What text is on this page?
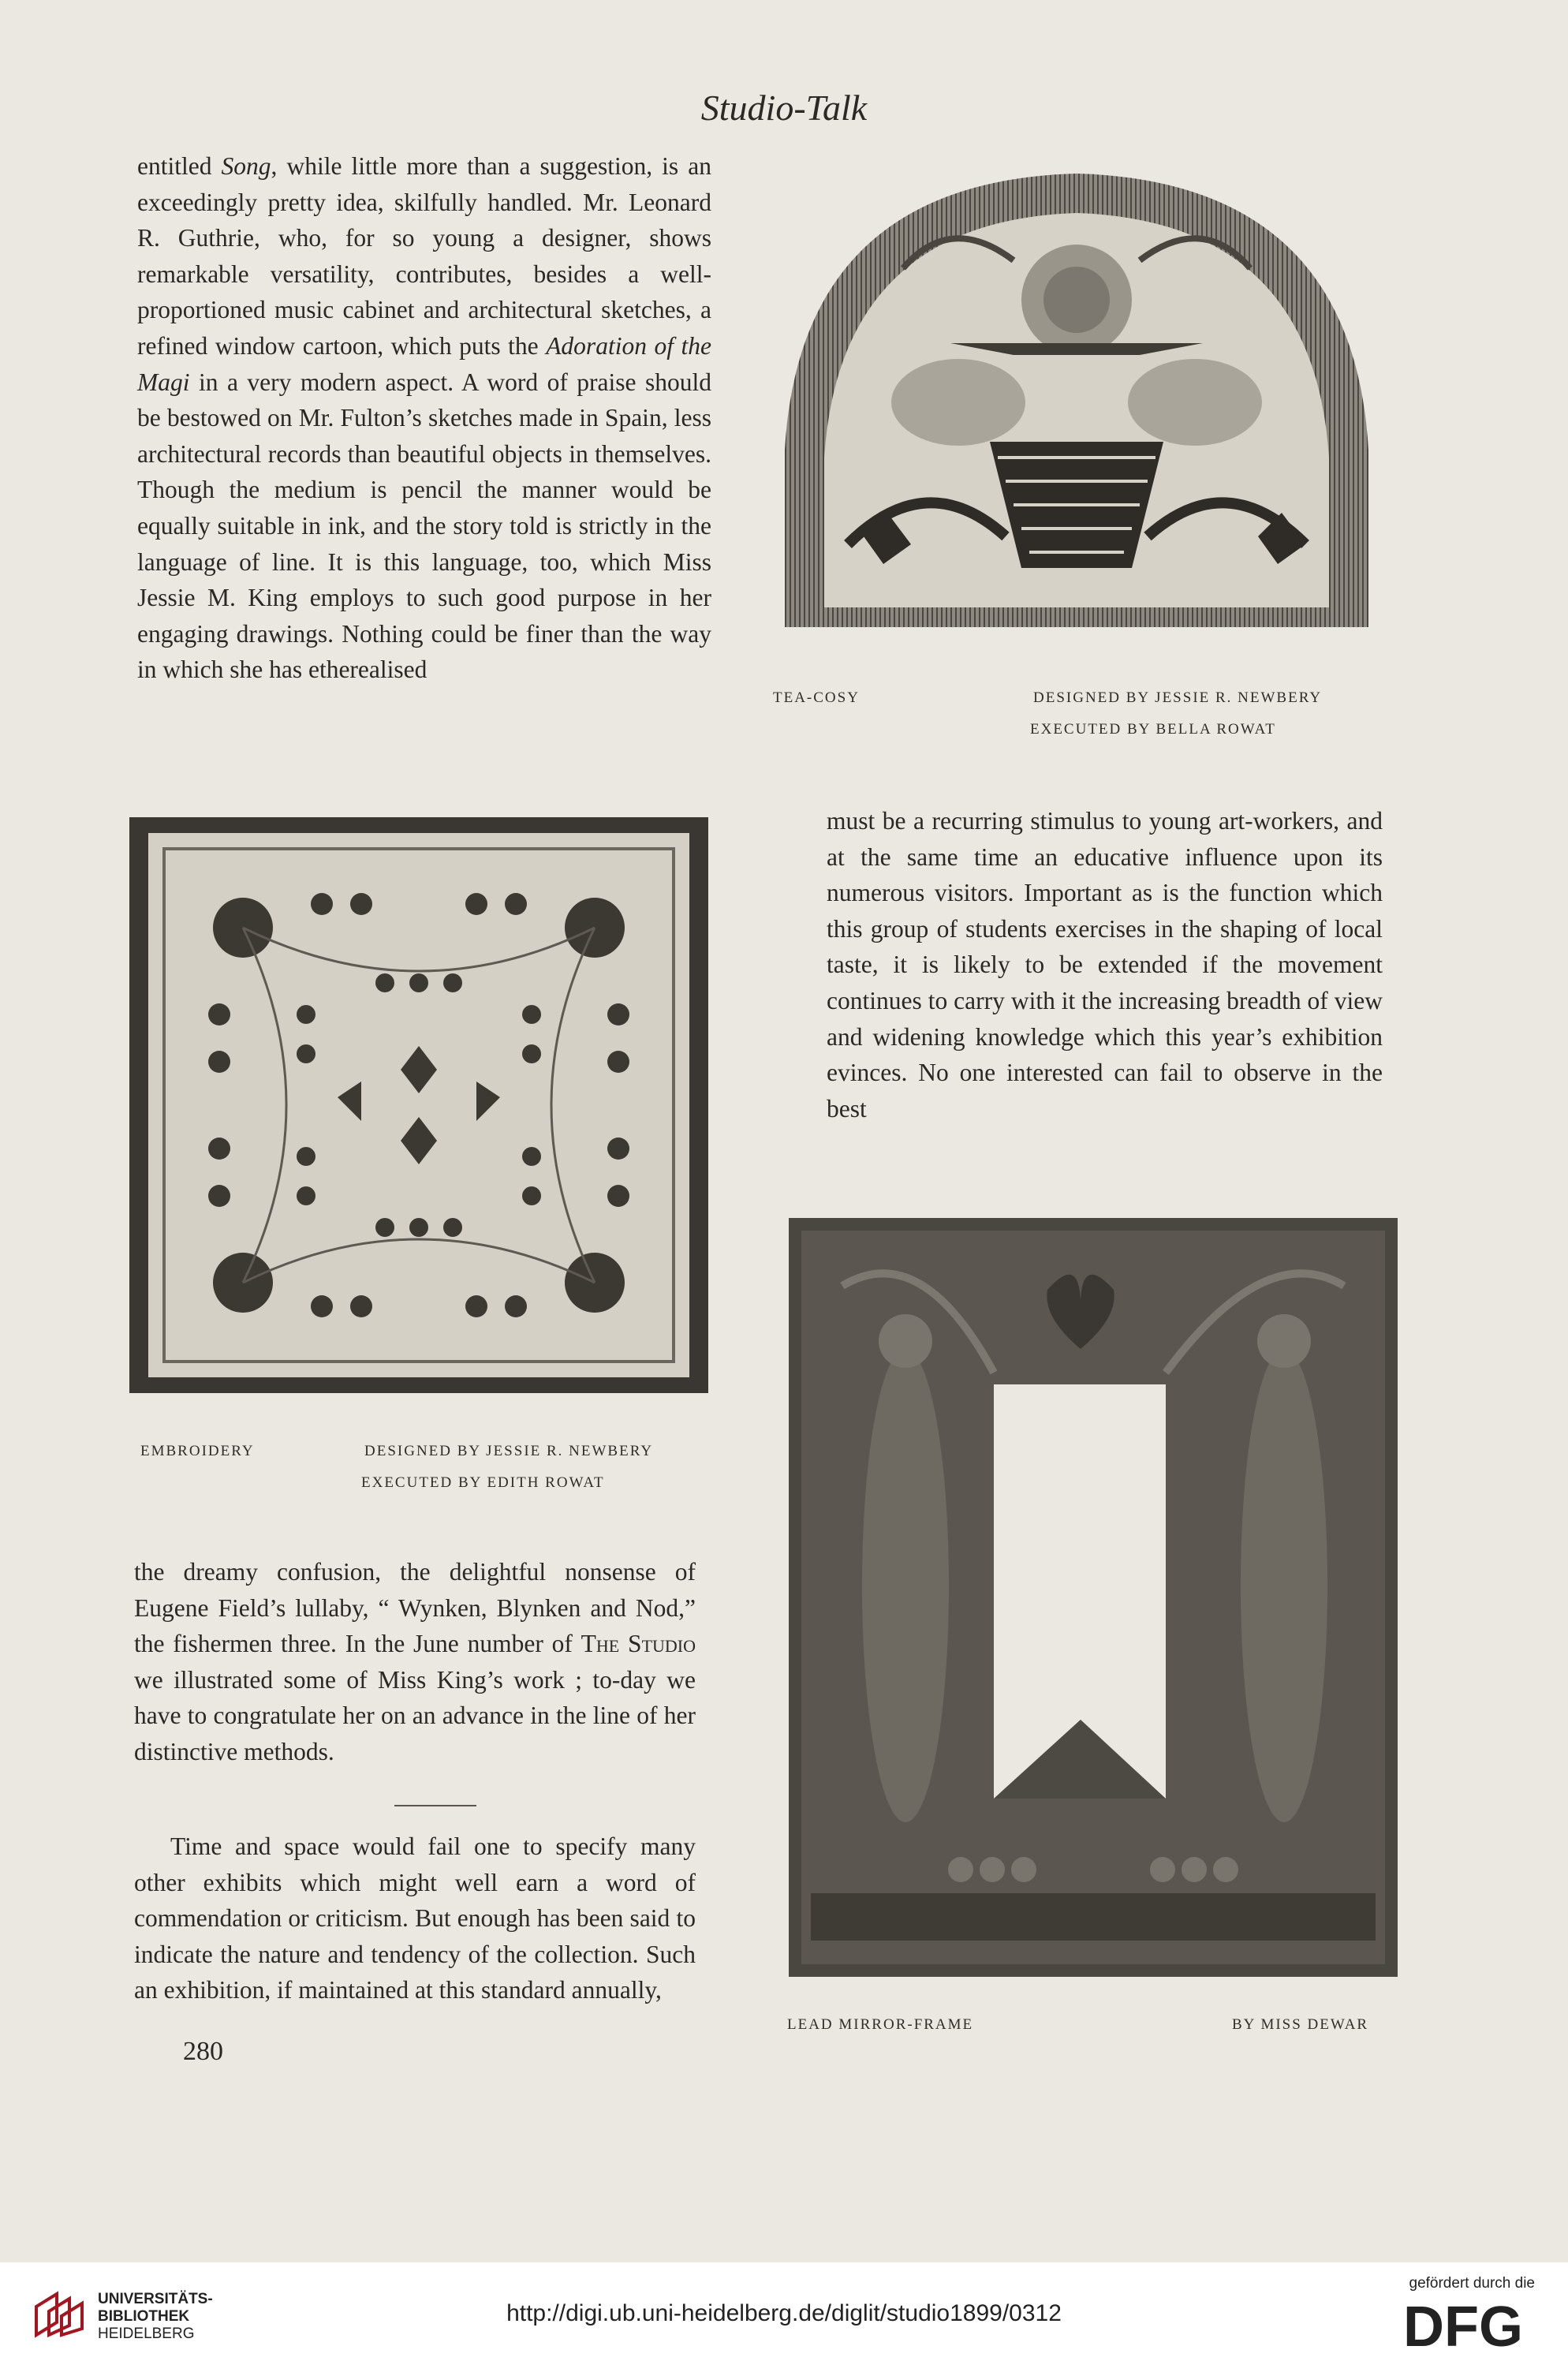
Studio-Talk

entitled Song, while little more than a suggestion, is an exceedingly pretty idea, skilfully handled. Mr. Leonard R. Guthrie, who, for so young a designer, shows remarkable versatility, contributes, besides a well-proportioned music cabinet and architectural sketches, a refined window cartoon, which puts the Adoration of the Magi in a very modern aspect. A word of praise should be bestowed on Mr. Fulton’s sketches made in Spain, less architectural records than beautiful objects in themselves. Though the medium is pencil the manner would be equally suitable in ink, and the story told is strictly in the language of line. It is this language, too, which Miss Jessie M. King employs to such good purpose in her engaging drawings. Nothing could be finer than the way in which she has etherealised

TEA-COSY	DESIGNED BY JESSIE R. NEWBERY
EXECUTED BY BELLA ROWAT
EMBROIDERY	DESIGNED BY JESSIE R. NEWBERY
EXECUTED BY EDITH ROWAT

the dreamy confusion, the delightful nonsense of Eugene Field’s lullaby, “ Wynken, Blynken and Nod,” the fishermen three. In the June number of The Studio we illustrated some of Miss King’s work ; to-day we have to congratulate her on an advance in the line of her distinctive methods.

Time and space would fail one to specify many other exhibits which might well earn a word of commendation or criticism. But enough has been said to indicate the nature and tendency of the collection. Such an exhibition, if maintained at this standard annually,

280

must be a recurring stimulus to young art-workers, and at the same time an educative influence upon its numerous visitors. Important as is the function which this group of students exercises in the shaping of local taste, it is likely to be extended if the movement continues to carry with it the increasing breadth of view and widening knowledge which this year’s exhibition evinces. No one interested can fail to observe in the best

LEAD MIRROR-FRAME	BY MISS DEWAR
UNIVERSITÄTS-
BIBLIOTHEK
HEIDELBERG
http://digi.ub.uni-heidelberg.de/diglit/studio1899/0312
gefördert durch die
DFG
